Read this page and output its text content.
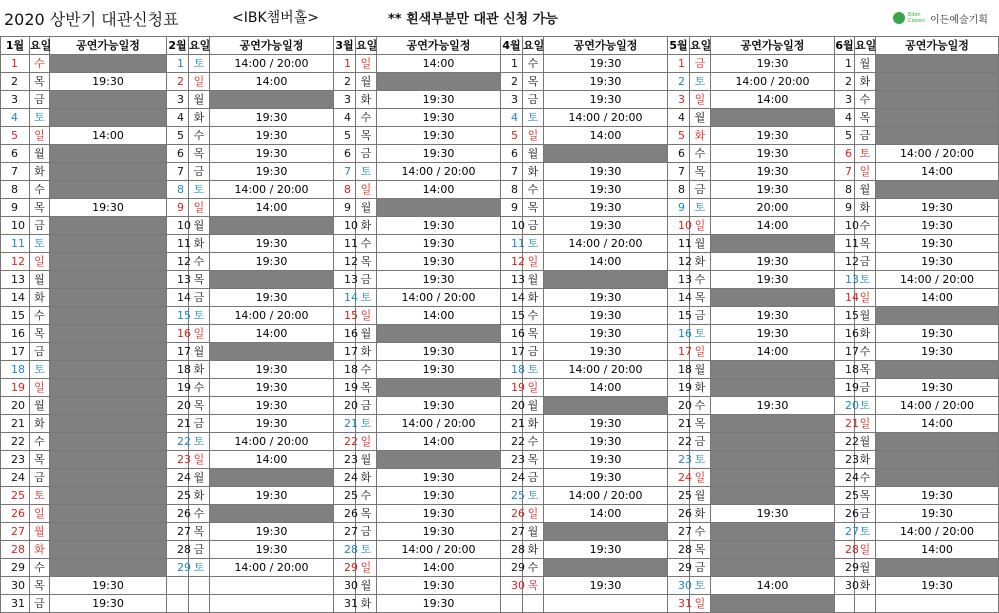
2020 상반기 대관신청표	<IBK챔버홀>	** 흰색부분만 대관 신청 가능	Eden Classic 이든예술기획
1월	요일	공연가능일정	2월	요일	공연가능일정	3월	요일	공연가능일정	4월	요일	공연가능일정	5월	요일	공연가능일정	6월	요일	공연가능일정
1	수		1	토	14:00 / 20:00	1	일	14:00	1	수	19:30	1	금	19:30	1	월	
2	목	19:30	2	일	14:00	2	월		2	목	19:30	2	토	14:00 / 20:00	2	화	
3	금		3	월		3	화	19:30	3	금	19:30	3	일	14:00	3	수	
4	토		4	화	19:30	4	수	19:30	4	토	14:00 / 20:00	4	월		4	목	
5	일	14:00	5	수	19:30	5	목	19:30	5	일	14:00	5	화	19:30	5	금	
6	월		6	목	19:30	6	금	19:30	6	월		6	수	19:30	6	토	14:00 / 20:00
7	화		7	금	19:30	7	토	14:00 / 20:00	7	화	19:30	7	목	19:30	7	일	14:00
8	수		8	토	14:00 / 20:00	8	일	14:00	8	수	19:30	8	금	19:30	8	월	
9	목	19:30	9	일	14:00	9	월		9	목	19:30	9	토	20:00	9	화	19:30
10	금		10	월		10	화	19:30	10	금	19:30	10	일	14:00	10	수	19:30
11	토		11	화	19:30	11	수	19:30	11	토	14:00 / 20:00	11	월		11	목	19:30
12	일		12	수	19:30	12	목	19:30	12	일	14:00	12	화	19:30	12	금	19:30
13	월		13	목		13	금	19:30	13	월		13	수	19:30	13	토	14:00 / 20:00
14	화		14	금	19:30	14	토	14:00 / 20:00	14	화	19:30	14	목		14	일	14:00
15	수		15	토	14:00 / 20:00	15	일	14:00	15	수	19:30	15	금	19:30	15	월	
16	목		16	일	14:00	16	월		16	목	19:30	16	토	19:30	16	화	19:30
17	금		17	월		17	화	19:30	17	금	19:30	17	일	14:00	17	수	19:30
18	토		18	화	19:30	18	수	19:30	18	토	14:00 / 20:00	18	월		18	목	
19	일		19	수	19:30	19	목		19	일	14:00	19	화		19	금	19:30
20	월		20	목	19:30	20	금	19:30	20	월		20	수	19:30	20	토	14:00 / 20:00
21	화		21	금	19:30	21	토	14:00 / 20:00	21	화	19:30	21	목		21	일	14:00
22	수		22	토	14:00 / 20:00	22	일	14:00	22	수	19:30	22	금		22	월	
23	목		23	일	14:00	23	월		23	목	19:30	23	토		23	화	
24	금		24	월		24	화	19:30	24	금	19:30	24	일		24	수	
25	토		25	화	19:30	25	수	19:30	25	토	14:00 / 20:00	25	월		25	목	19:30
26	일		26	수		26	목	19:30	26	일	14:00	26	화	19:30	26	금	19:30
27	월		27	목	19:30	27	금	19:30	27	월		27	수		27	토	14:00 / 20:00
28	화		28	금	19:30	28	토	14:00 / 20:00	28	화	19:30	28	목		28	일	14:00
29	수		29	토	14:00 / 20:00	29	일	14:00	29	수		29	금		29	월	
30	목	19:30				30	월	19:30	30	목	19:30	30	토	14:00	30	화	19:30
31	금	19:30				31	화	19:30				31	일				
